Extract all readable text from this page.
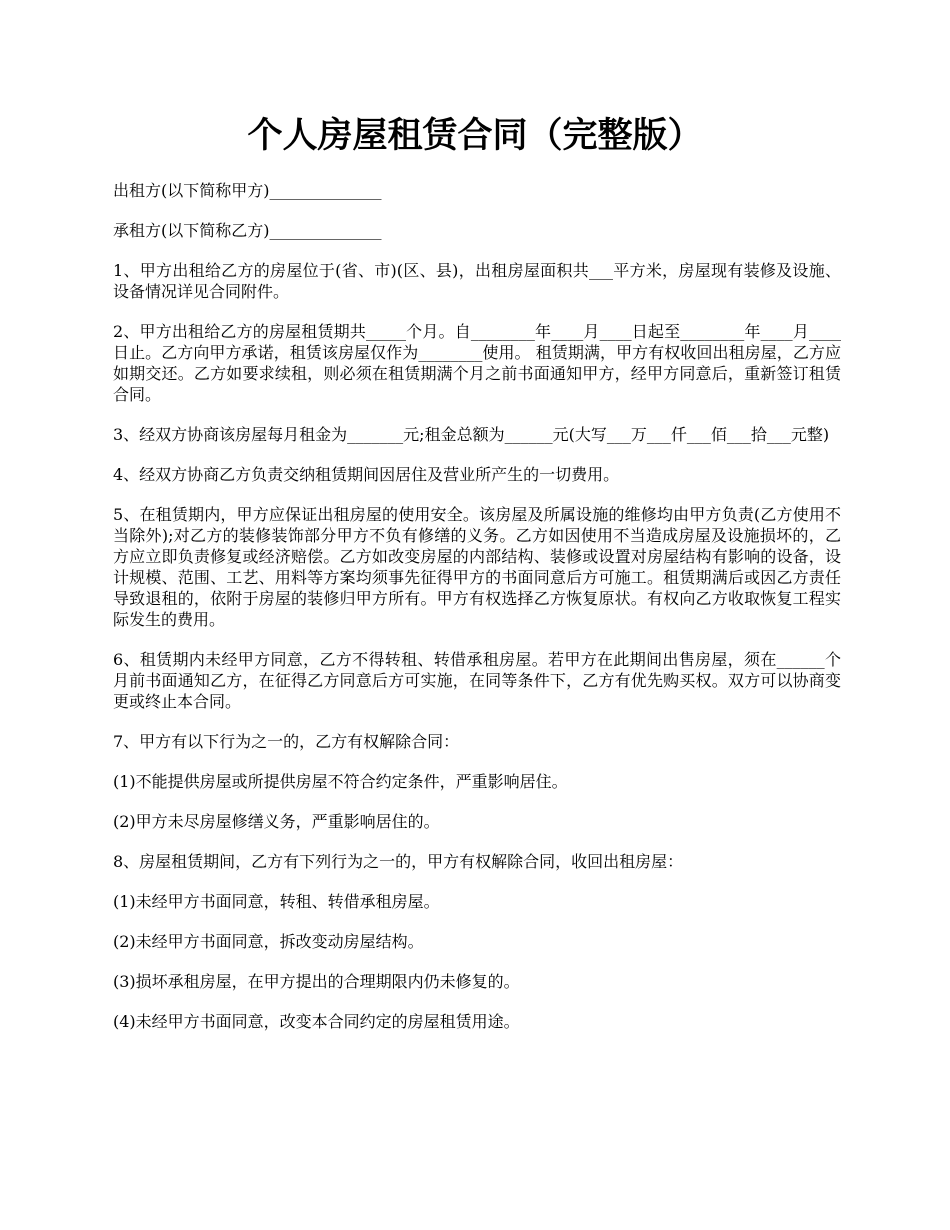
个人房屋租赁合同（完整版）

出租方(以下简称甲方)______________

承租方(以下简称乙方)______________

1、甲方出租给乙方的房屋位于(省、市)(区、县)，出租房屋面积共___平方米，房屋现有装修及设施、设备情况详见合同附件。

2、甲方出租给乙方的房屋租赁期共_____个月。自________年____月____日起至________年____月____日止。乙方向甲方承诺，租赁该房屋仅作为________使用。 租赁期满，甲方有权收回出租房屋，乙方应如期交还。乙方如要求续租，则必须在租赁期满个月之前书面通知甲方，经甲方同意后，重新签订租赁合同。

3、经双方协商该房屋每月租金为_______元;租金总额为______元(大写___万___仟___佰___拾___元整)

4、经双方协商乙方负责交纳租赁期间因居住及营业所产生的一切费用。

5、在租赁期内，甲方应保证出租房屋的使用安全。该房屋及所属设施的维修均由甲方负责(乙方使用不当除外);对乙方的装修装饰部分甲方不负有修缮的义务。乙方如因使用不当造成房屋及设施损坏的，乙方应立即负责修复或经济赔偿。乙方如改变房屋的内部结构、装修或设置对房屋结构有影响的设备，设计规模、范围、工艺、用料等方案均须事先征得甲方的书面同意后方可施工。租赁期满后或因乙方责任导致退租的，依附于房屋的装修归甲方所有。甲方有权选择乙方恢复原状。有权向乙方收取恢复工程实际发生的费用。

6、租赁期内未经甲方同意，乙方不得转租、转借承租房屋。若甲方在此期间出售房屋，须在______个月前书面通知乙方，在征得乙方同意后方可实施，在同等条件下，乙方有优先购买权。双方可以协商变更或终止本合同。

7、甲方有以下行为之一的，乙方有权解除合同：

(1)不能提供房屋或所提供房屋不符合约定条件，严重影响居住。

(2)甲方未尽房屋修缮义务，严重影响居住的。

8、房屋租赁期间，乙方有下列行为之一的，甲方有权解除合同，收回出租房屋：

(1)未经甲方书面同意，转租、转借承租房屋。

(2)未经甲方书面同意，拆改变动房屋结构。

(3)损坏承租房屋，在甲方提出的合理期限内仍未修复的。

(4)未经甲方书面同意，改变本合同约定的房屋租赁用途。
